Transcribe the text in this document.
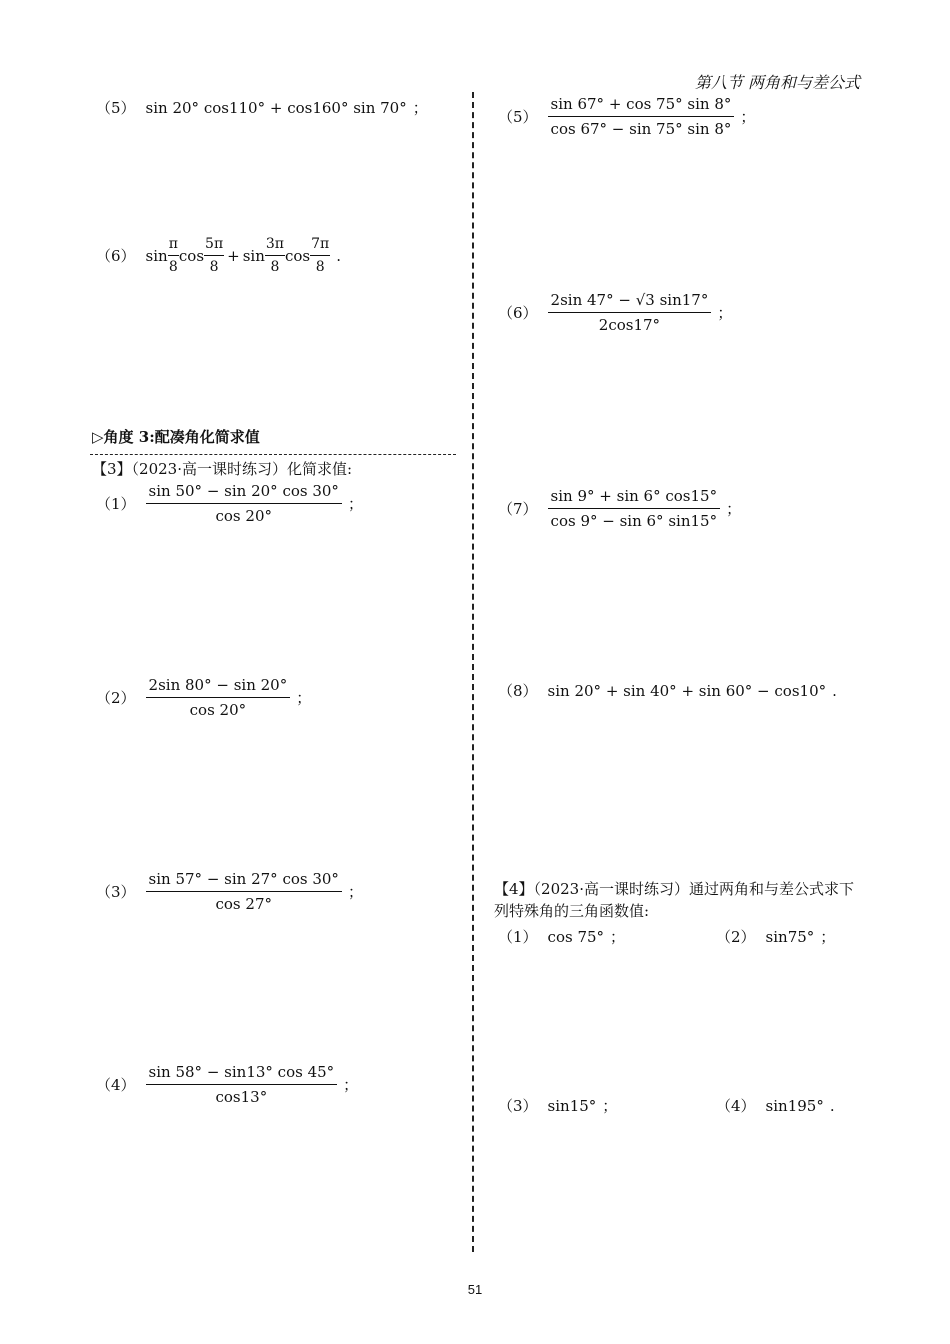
第八节 两角和与差公式
（5） sin 20° cos110° + cos160° sin 70° ；
（6） $\sin \frac{\pi}{8}$ $\cos \frac{5\pi}{8} + \sin \frac{3\pi}{8}$ $\cos \frac{7\pi}{8}$ .
▷角度 3:配凑角化简求值
【3】（2023·高一课时练习）化简求值:
$(1) \frac{\sin 50^\circ - \sin 20^\circ \cos 30^\circ}{\cos 20^\circ}$ ；
$(2) \frac{2\sin 80^\circ - \sin 20^\circ}{\cos 20^\circ}$ ；
$(3) \frac{\sin 57^\circ - \sin 27^\circ \cos 30^\circ}{\cos 27^\circ}$ ；
$(4) \frac{\sin 58^\circ - \sin 13^\circ \cos 45^\circ}{\cos 13^\circ}$ ；
$(5) \frac{\sin 67^\circ + \cos 75^\circ \sin 8^\circ}{\cos 67^\circ - \sin 75^\circ \sin 8^\circ}$ ；
$(6) \frac{2\sin 47^\circ - √3 \sin 17^\circ}{2\cos 17^\circ}$ ；
$(7) \frac{\sin 9^\circ + \sin 6^\circ \cos 15^\circ}{\cos 9^\circ - \sin 6^\circ \sin 15^\circ}$ ；
（8） sin 20° + sin 40° + sin 60° − cos10° .
【4】（2023·高一课时练习）通过两角和与差公式求下列特殊角的三角函数值:
（1） cos 75° ；	（2） sin75° ；
（3） sin15° ；	（4） sin195° .
51
